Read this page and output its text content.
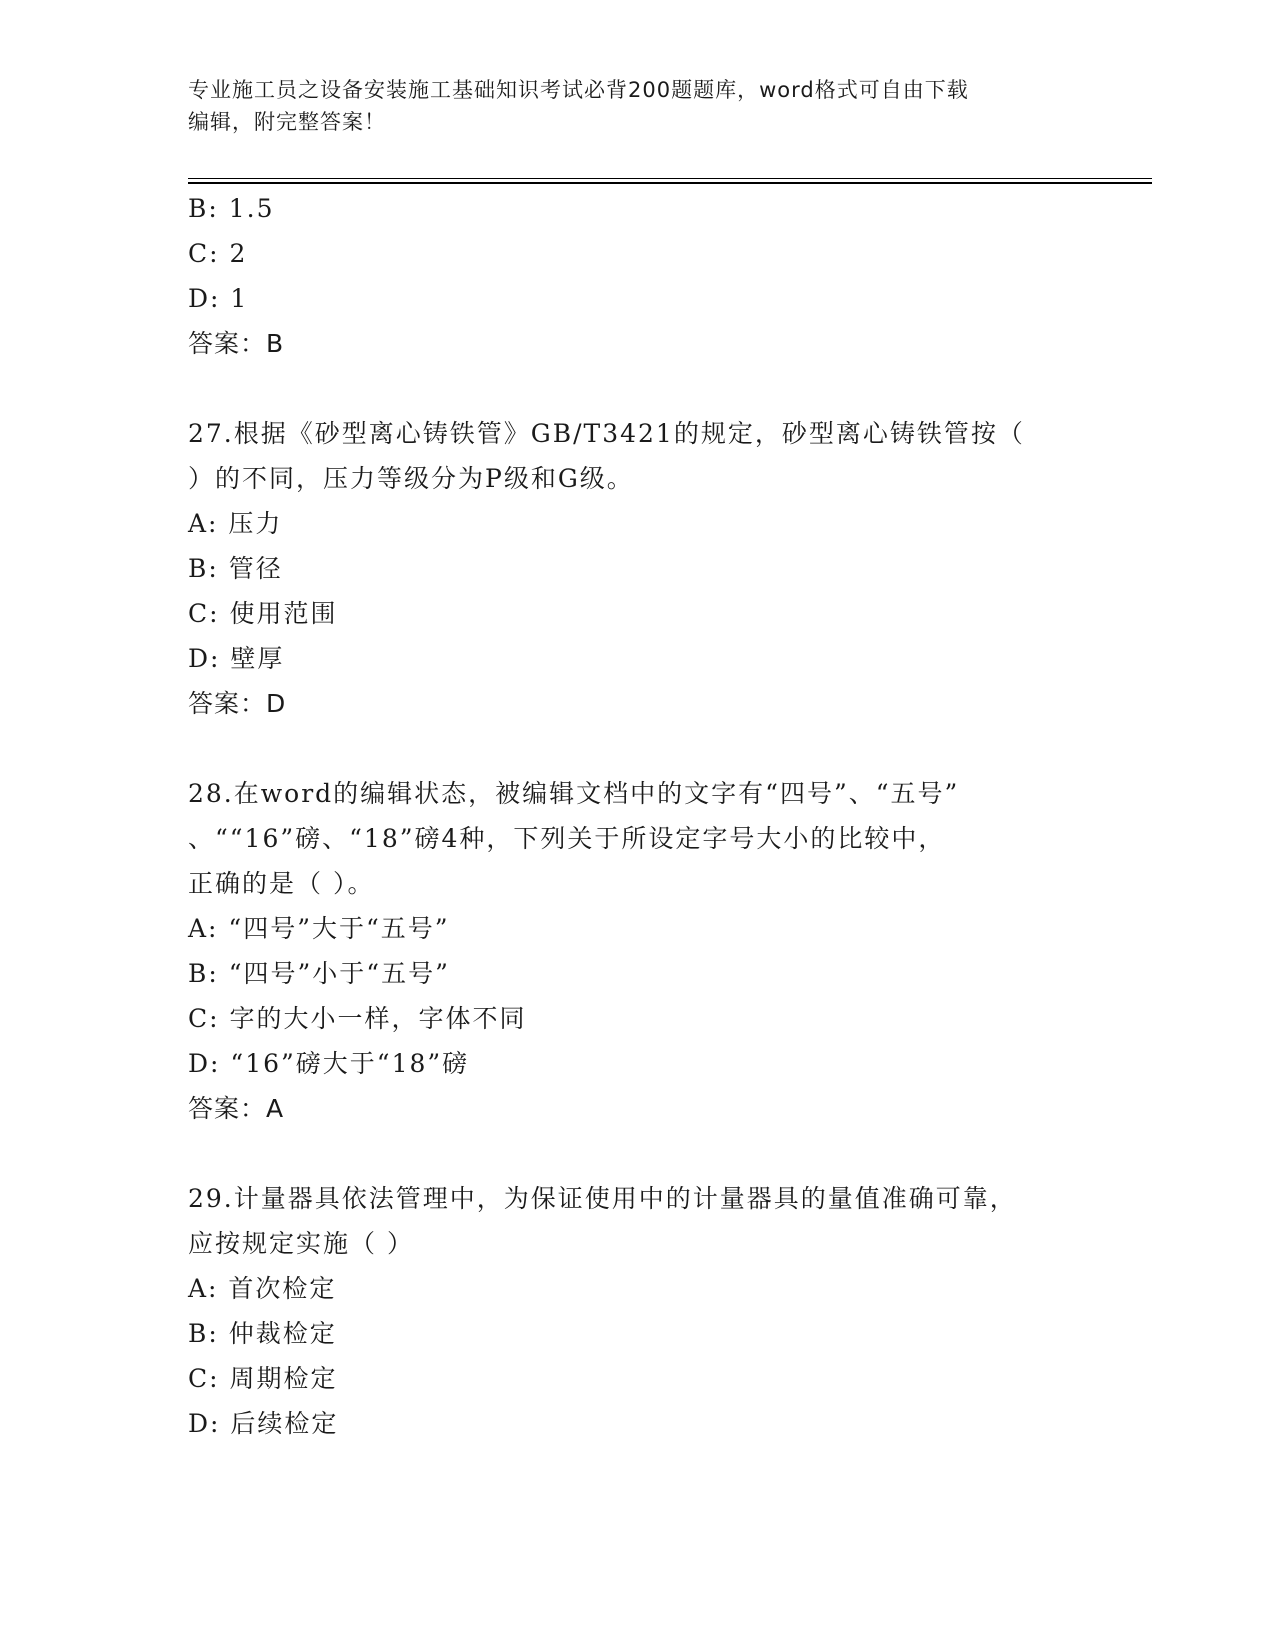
专业施工员之设备安装施工基础知识考试必背200题题库，word格式可自由下载
编辑，附完整答案！
B: 1.5
C: 2
D: 1
答案：B
27.根据《砂型离心铸铁管》GB/T3421的规定，砂型离心铸铁管按（
）的不同，压力等级分为P级和G级。
A: 压力
B: 管径
C: 使用范围
D: 壁厚
答案：D
28.在word的编辑状态，被编辑文档中的文字有“四号”、“五号”
、““16”磅、“18”磅4种，下列关于所设定字号大小的比较中，
正确的是（ ）。
A: “四号”大于“五号”
B: “四号”小于“五号”
C: 字的大小一样，字体不同
D: “16”磅大于“18”磅
答案：A
29.计量器具依法管理中，为保证使用中的计量器具的量值准确可靠，
应按规定实施（ ）
A: 首次检定
B: 仲裁检定
C: 周期检定
D: 后续检定
